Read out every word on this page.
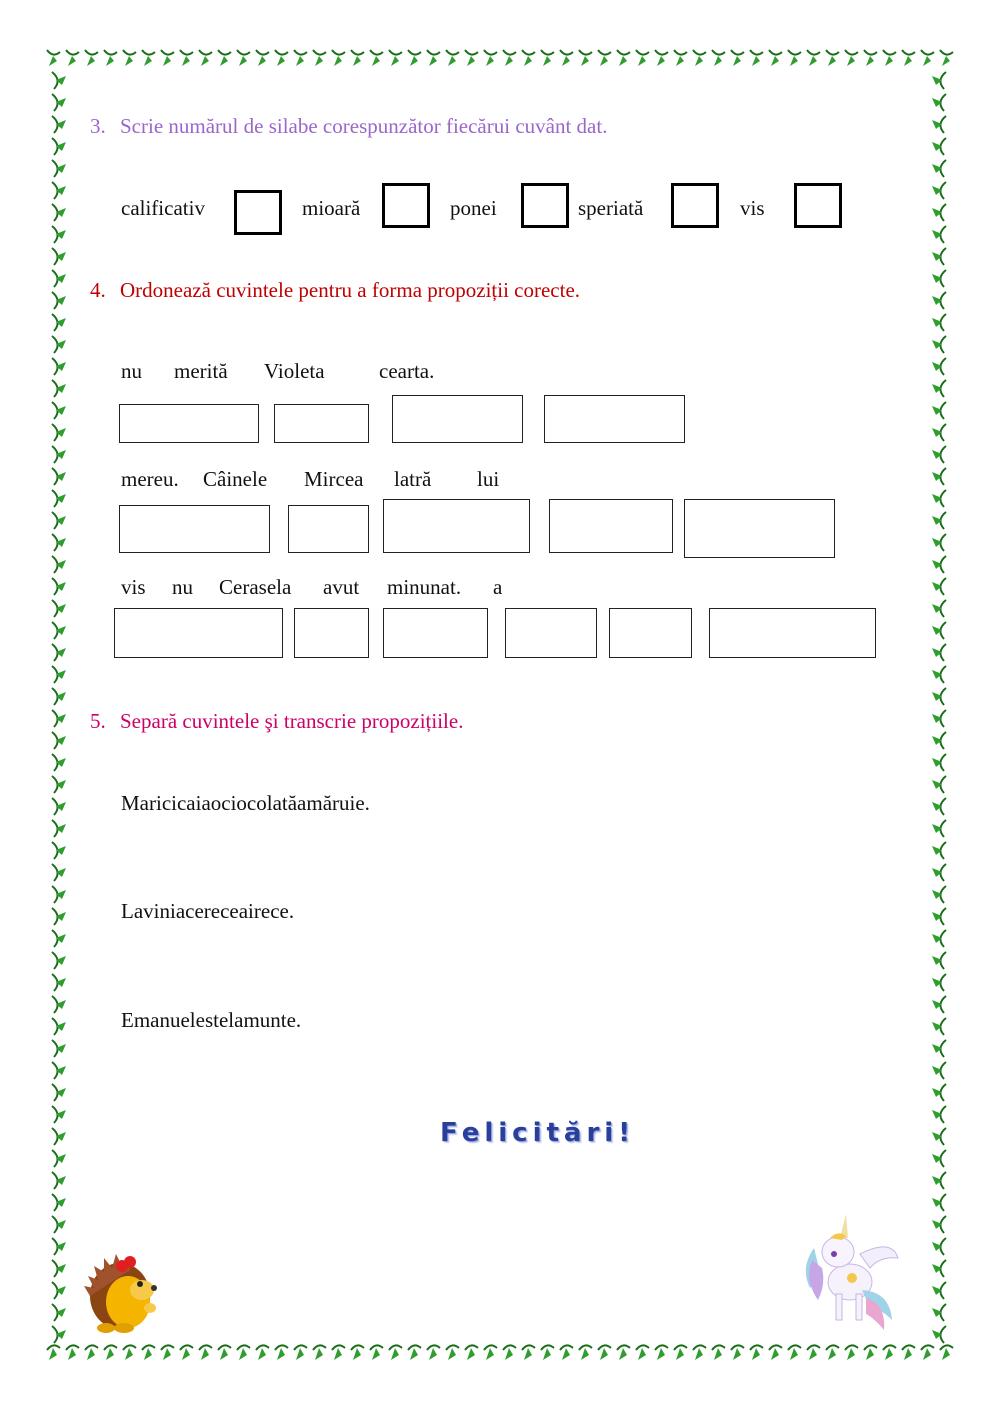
3. Scrie numărul de silabe corespunzător fiecărui cuvânt dat.
calificativ	mioară	ponei	speriată	vis
4. Ordonează cuvintele pentru a forma propoziții corecte.
nu merită Violeta	cearta.
mereu. Câinele Mircea latră lui
vis nu Cerasela avut minunat. a
5. Separă cuvintele şi transcrie propozițiile.
Maricicaiaociocolatăamăruie.
Laviniacereceairece.
Emanuelestelamunte.
Felicitări!
